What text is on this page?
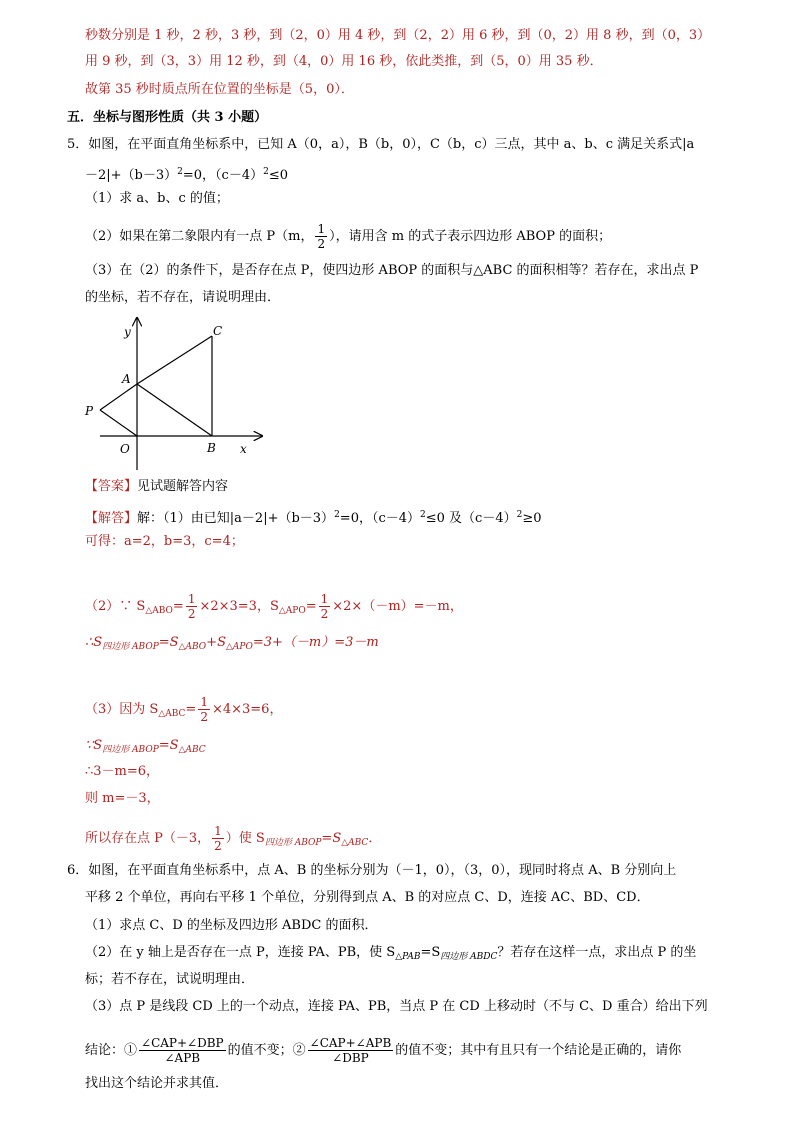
秒数分别是 1 秒，2 秒，3 秒，到（2，0）用 4 秒，到（2，2）用 6 秒，到（0，2）用 8 秒，到（0，3）
用 9 秒，到（3，3）用 12 秒，到（4，0）用 16 秒，依此类推，到（5，0）用 35 秒．
故第 35 秒时质点所在位置的坐标是（5，0）．
五．坐标与图形性质（共 3 小题）
5．如图，在平面直角坐标系中，已知 A（0，a），B（b，0），C（b，c）三点，其中 a、b、c 满足关系式|a
$-2|+(b-3)^2=0$，$(c-4)^2\le 0$
（1）求 a、b、c 的值；
（2）如果在第二象限内有一点 P（m， $\frac{1}{2}$ ），请用含 m 的式子表示四边形 ABOP 的面积；
（3）在（2）的条件下，是否存在点 P，使四边形 ABOP 的面积与△ABC 的面积相等？若存在，求出点 P
的坐标，若不存在，请说明理由．
y	C
A
P
O	B x
【答案】见试题解答内容
【解答】解：（1）由已知$|a-2|+(b-3)^2=0$，$(c-4)^2\le 0$ 及$(c-4)^2\ge 0$
可得：a=2，b=3，c=4；
（2）∵ $S_{\triangle ABO}= \frac{1}{2} \times 2\times 3=3$，$S_{\triangle APO}= \frac{1}{2} \times 2\times(-m)=-m$，
$\therefore S_{四边形 ABOP}=S_{\triangle ABO}+S_{\triangle APO}=3+(-m)=3-m$
（3）因为 $S_{\triangle ABC}= \frac{1}{2} \times 4\times 3=6$，
$\because S_{四边形 ABOP}=S_{\triangle ABC}$
∴3－m=6，
则 m=－3，
所以存在点 P（－3， $\frac{1}{2}$ ）使 $S_{四边形 ABOP}=S_{\triangle ABC}$．
6．如图，在平面直角坐标系中，点 A、B 的坐标分别为（－1，0），（3，0），现同时将点 A、B 分别向上
平移 2 个单位，再向右平移 1 个单位，分别得到点 A、B 的对应点 C、D，连接 AC、BD、CD．
（1）求点 C、D 的坐标及四边形 ABDC 的面积．
（2）在 y 轴上是否存在一点 P，连接 PA、PB，使 $S_{\triangle PAB}=S_{四边形 ABDC}$？若存在这样一点，求出点 P 的坐
标；若不存在，试说明理由．
（3）点 P 是线段 CD 上的一个动点，连接 PA、PB，当点 P 在 CD 上移动时（不与 C、D 重合）给出下列
结论：① $\frac{\text{∠CAP+∠DBP}}{\text{∠APB}}$ 的值不变；② $\frac{\text{∠CAP+∠APB}}{\text{∠DBP}}$ 的值不变；其中有且只有一个结论是正确的，请你
找出这个结论并求其值．
